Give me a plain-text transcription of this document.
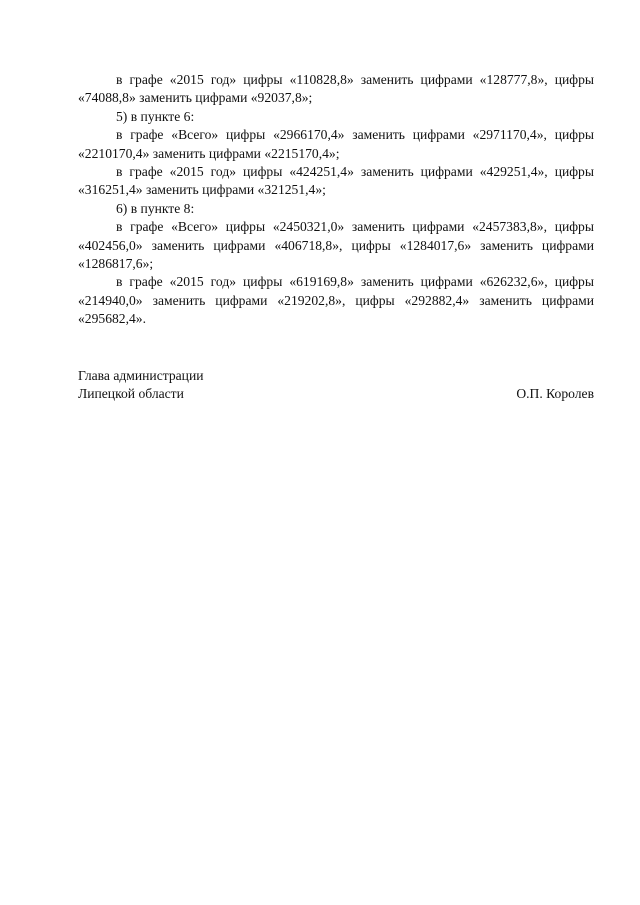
в графе «2015 год» цифры «110828,8» заменить цифрами «128777,8», цифры «74088,8» заменить цифрами «92037,8»;

5) в пункте 6:

в графе «Всего» цифры «2966170,4» заменить цифрами «2971170,4», цифры «2210170,4» заменить цифрами «2215170,4»;

в графе «2015 год» цифры «424251,4» заменить цифрами «429251,4», цифры «316251,4» заменить цифрами «321251,4»;

6) в пункте 8:

в графе «Всего» цифры «2450321,0» заменить цифрами «2457383,8», цифры «402456,0» заменить цифрами «406718,8», цифры «1284017,6» заменить цифрами «1286817,6»;

в графе «2015 год» цифры «619169,8» заменить цифрами «626232,6», цифры «214940,0» заменить цифрами «219202,8», цифры «292882,4» заменить цифрами «295682,4».

Глава администрации
Липецкой области	О.П. Королев
